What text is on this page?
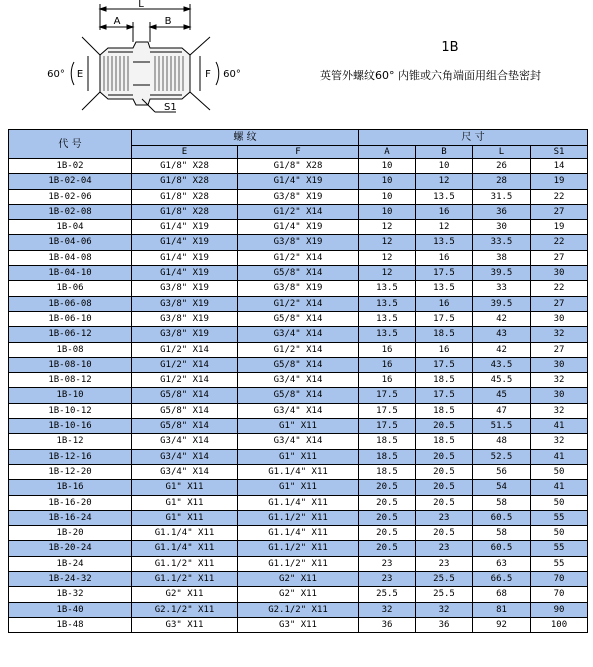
L
A	B
E	F
60°	60°
S1
1B
英管外螺纹60° 内锥或六角端面用组合垫密封
代 号	螺 纹		尺 寸			
	E	F	A	B	L	S1
1B-02	G1/8" X28	G1/8" X28	10	10	26	14
1B-02-04	G1/8" X28	G1/4" X19	10	12	28	19
1B-02-06	G1/8" X28	G3/8" X19	10	13.5	31.5	22
1B-02-08	G1/8" X28	G1/2" X14	10	16	36	27
1B-04	G1/4" X19	G1/4" X19	12	12	30	19
1B-04-06	G1/4" X19	G3/8" X19	12	13.5	33.5	22
1B-04-08	G1/4" X19	G1/2" X14	12	16	38	27
1B-04-10	G1/4" X19	G5/8" X14	12	17.5	39.5	30
1B-06	G3/8" X19	G3/8" X19	13.5	13.5	33	22
1B-06-08	G3/8" X19	G1/2" X14	13.5	16	39.5	27
1B-06-10	G3/8" X19	G5/8" X14	13.5	17.5	42	30
1B-06-12	G3/8" X19	G3/4" X14	13.5	18.5	43	32
1B-08	G1/2" X14	G1/2" X14	16	16	42	27
1B-08-10	G1/2" X14	G5/8" X14	16	17.5	43.5	30
1B-08-12	G1/2" X14	G3/4" X14	16	18.5	45.5	32
1B-10	G5/8" X14	G5/8" X14	17.5	17.5	45	30
1B-10-12	G5/8" X14	G3/4" X14	17.5	18.5	47	32
1B-10-16	G5/8" X14	G1" X11	17.5	20.5	51.5	41
1B-12	G3/4" X14	G3/4" X14	18.5	18.5	48	32
1B-12-16	G3/4" X14	G1" X11	18.5	20.5	52.5	41
1B-12-20	G3/4" X14	G1.1/4" X11	18.5	20.5	56	50
1B-16	G1" X11	G1" X11	20.5	20.5	54	41
1B-16-20	G1" X11	G1.1/4" X11	20.5	20.5	58	50
1B-16-24	G1" X11	G1.1/2" X11	20.5	23	60.5	55
1B-20	G1.1/4" X11	G1.1/4" X11	20.5	20.5	58	50
1B-20-24	G1.1/4" X11	G1.1/2" X11	20.5	23	60.5	55
1B-24	G1.1/2" X11	G1.1/2" X11	23	23	63	55
1B-24-32	G1.1/2" X11	G2" X11	23	25.5	66.5	70
1B-32	G2" X11	G2" X11	25.5	25.5	68	70
1B-40	G2.1/2" X11	G2.1/2" X11	32	32	81	90
1B-48	G3" X11	G3" X11	36	36	92	100
